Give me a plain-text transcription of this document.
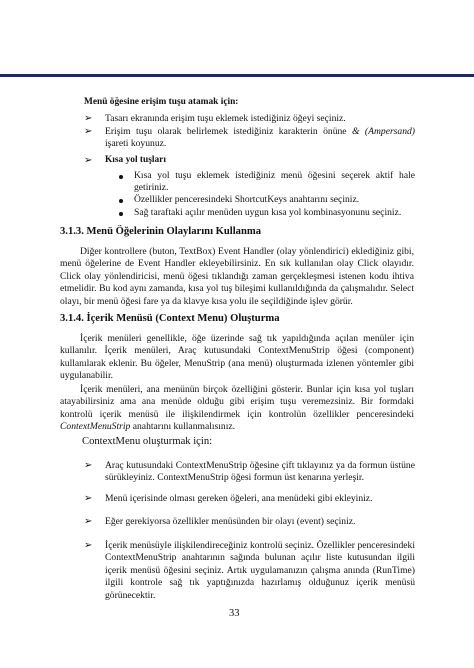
Menü öğesine erişim tuşu atamak için:
➢ Tasarı ekranında erişim tuşu eklemek istediğiniz öğeyi seçiniz.
➢ Erişim tuşu olarak belirlemek istediğiniz karakterin önüne & (Ampersand) işareti koyunuz.
➢ Kısa yol tuşları
Kısa yol tuşu eklemek istediğiniz menü öğesini seçerek aktif hale getiriniz.
Özellikler penceresindeki ShortcutKeys anahtarını seçiniz.
Sağ taraftaki açılır menüden uygun kısa yol kombinasyonunu seçiniz.
3.1.3. Menü Öğelerinin Olaylarını Kullanma
Diğer kontrollere (buton, TextBox) Event Handler (olay yönlendirici) eklediğiniz gibi, menü öğelerine de Event Handler ekleyebilirsiniz. En sık kullanılan olay Click olayıdır. Click olay yönlendiricisi, menü öğesi tıklandığı zaman gerçekleşmesi istenen kodu ihtiva etmelidir. Bu kod aynı zamanda, kısa yol tuş bileşimi kullanıldığında da çalışmalıdır. Select olayı, bir menü öğesi fare ya da klavye kısa yolu ile seçildiğinde işlev görür.
3.1.4. İçerik Menüsü (Context Menu) Oluşturma
İçerik menüleri genellikle, öğe üzerinde sağ tık yapıldığında açılan menüler için kullanılır. İçerik menüleri, Araç kutusundaki ContextMenuStrip öğesi (component) kullanılarak eklenir. Bu öğeler, MenuStrip (ana menü) oluşturmada izlenen yöntemler gibi uygulanabilir.
İçerik menüleri, ana menünün birçok özelliğini gösterir. Bunlar için kısa yol tuşları atayabilirsiniz ama ana menüde olduğu gibi erişim tuşu veremezsiniz. Bir formdaki kontrolü içerik menüsü ile ilişkilendirmek için kontrolün özellikler penceresindeki ContextMenuStrip anahtarını kullanmalısınız.
ContextMenu oluşturmak için:
➢ Araç kutusundaki ContextMenuStrip öğesine çift tıklayınız ya da formun üstüne sürükleyiniz. ContextMenuStrip öğesi formun üst kenarına yerleşir.
➢ Menü içerisinde olması gereken öğeleri, ana menüdeki gibi ekleyiniz.
➢ Eğer gerekiyorsa özellikler menüsünden bir olayı (event) seçiniz.
➢ İçerik menüsüyle ilişkilendireceğiniz kontrolü seçiniz. Özellikler penceresindeki ContextMenuStrip anahtarının sağında bulunan açılır liste kutusundan ilgili içerik menüsü öğesini seçiniz. Artık uygulamanızın çalışma anında (RunTime) ilgili kontrole sağ tık yaptığınızda hazırlamış olduğunuz içerik menüsü görünecektir.
33
